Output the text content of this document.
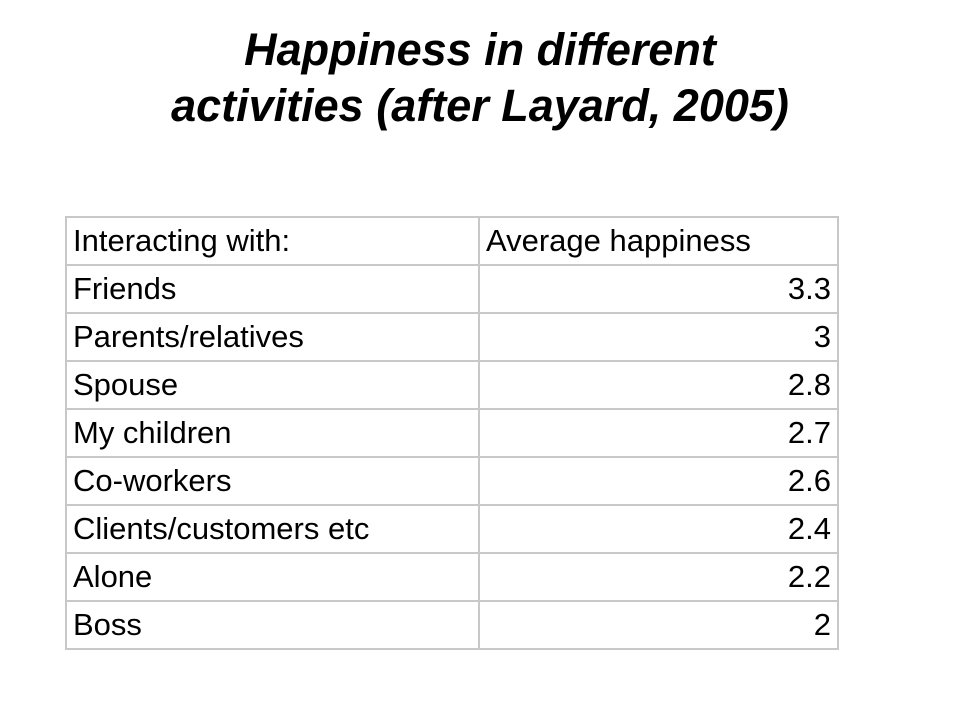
Happiness in different
activities (after Layard, 2005)
Interacting with:	Average happiness
Friends	3.3
Parents/relatives	3
Spouse	2.8
My children	2.7
Co-workers	2.6
Clients/customers etc	2.4
Alone	2.2
Boss	2
